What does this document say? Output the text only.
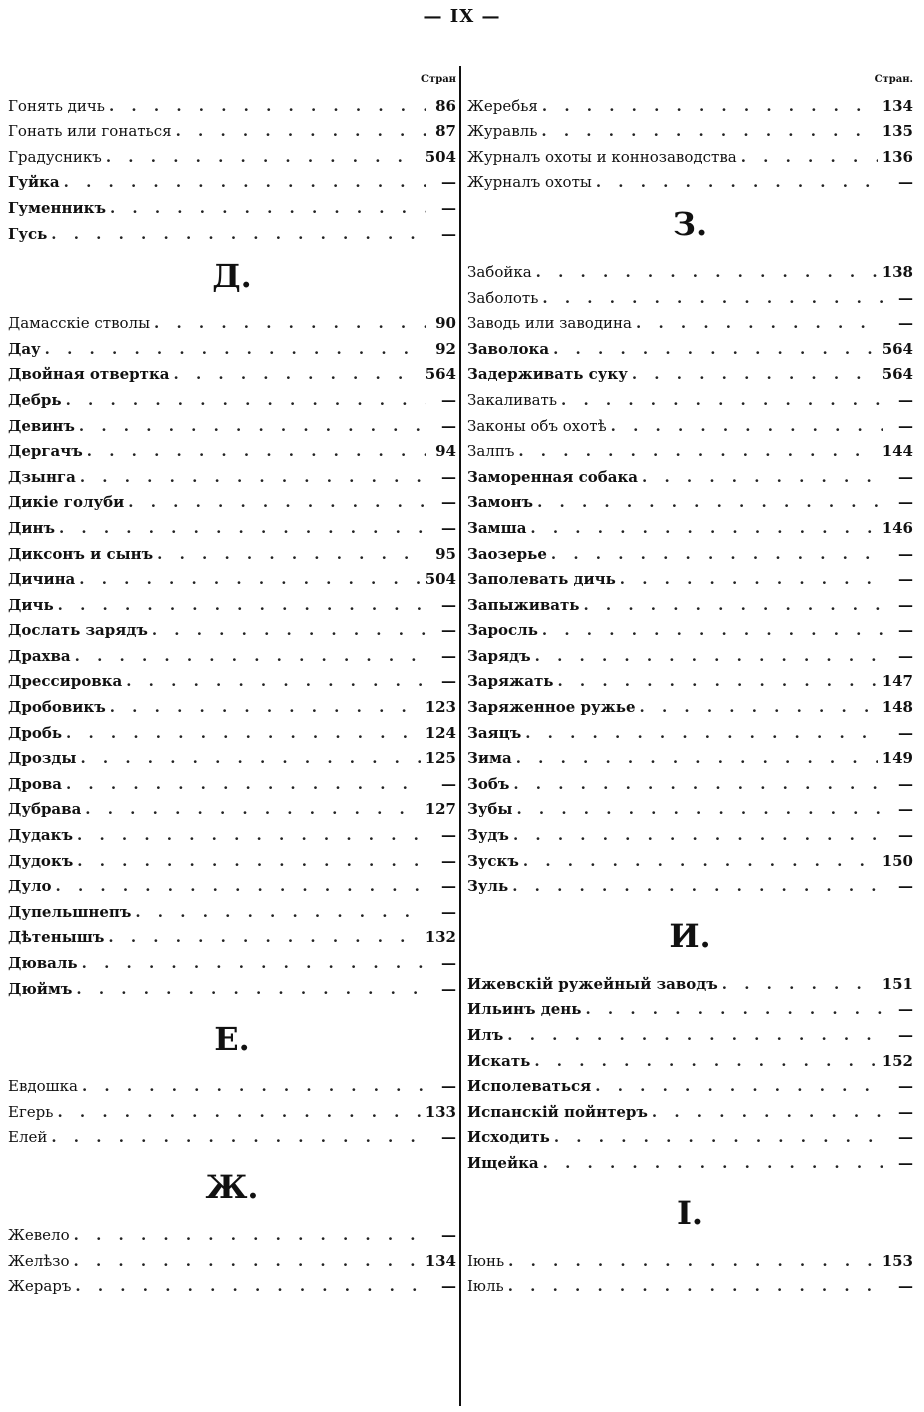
— IX —
Стран
Гонять дичь . . .	86
Гонать или гонаться . . .	87
Градусникъ . . .	504
Гуйка . . .	—
Гуменникъ . . .	—
Гусь . . .	—
Д.
Дамасскіе стволы . . .	90
Дау . . .	92
Двойная отвертка . . .	564
Дебрь . . .	—
Девинъ . . .	—
Дергачъ . . .	94
Дзынга . . .	—
Дикіе голуби . . .	—
Динъ . . .	—
Диксонъ и сынъ . . .	95
Дичина . . .	504
Дичь . . .	—
Дослать зарядъ . . .	—
Драхва . . .	—
Дрессировка . . .	—
Дробовикъ . . .	123
Дробь . . .	124
Дрозды . . .	125
Дрова . . .	—
Дубрава . . .	127
Дудакъ . . .	—
Дудокъ . . .	—
Дуло . . .	—
Дупельшнепъ . . .	—
Дѣтенышъ . . .	132
Дюваль . . .	—
Дюймъ . . .	—
Е.
Евдошка . . .	—
Егерь . . .	133
Елей . . .	—
Ж.
Жевело . . .	—
Желѣзо . . .	134
Жераръ . . .	—
Стран.
Жеребья . . .	134
Журавль . . .	135
Журналъ охоты и коннозаводства . . .	136
Журналъ охоты . . .	—
З.
Забойка . . .	138
Заболоть . . .	—
Заводь или заводина . . .	—
Заволока . . .	564
Задерживать суку . . .	564
Закаливать . . .	—
Законы объ охотѣ . . .	—
Залпъ . . .	144
Заморенная собака . . .	—
Замонъ . . .	—
Замша . . .	146
Заозерье . . .	—
Заполевать дичь . . .	—
Запыживать . . .	—
Заросль . . .	—
Зарядъ . . .	—
Заряжать . . .	147
Заряженное ружье . . .	148
Заяцъ . . .	—
Зима . . .	149
Зобъ . . .	—
Зубы . . .	—
Зудъ . . .	—
Зускъ . . .	150
Зуль . . .	—
И.
Ижевскій ружейный заводъ . . .	151
Ильинъ день . . .	—
Илъ . . .	—
Искать . . .	152
Исполеваться . . .	—
Испанскій пойнтеръ . . .	—
Исходить . . .	—
Ищейка . . .	—
I.
Іюнь . . .	153
Іюль . . .	—
